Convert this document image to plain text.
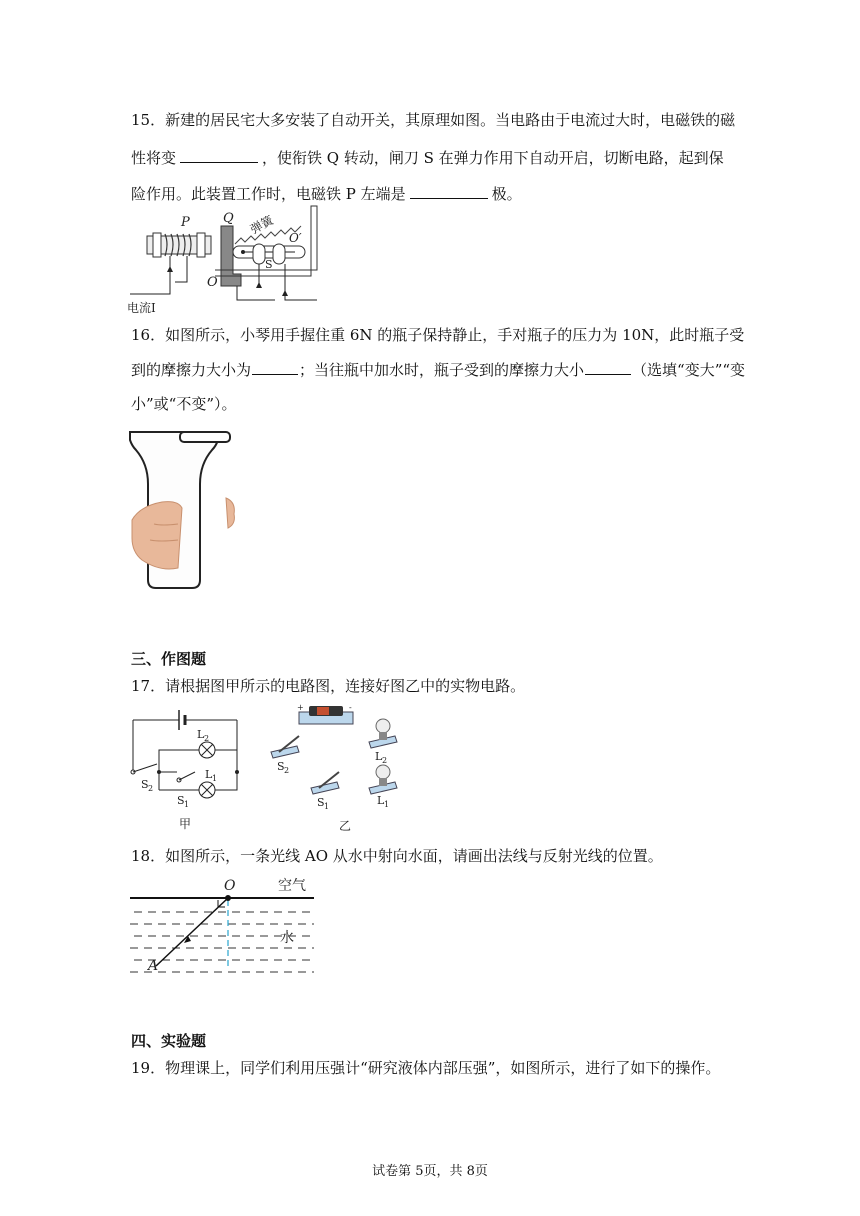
15．新建的居民宅大多安装了自动开关，其原理如图。当电路由于电流过大时，电磁铁的磁
性将变	，使衔铁 Q 转动，闸刀 S 在弹力作用下自动开启，切断电路，起到保
险作用。此装置工作时，电磁铁 P 左端是	极。
P	Q 弹簧
O′
S
O
电流I
16．如图所示，小琴用手握住重 6N 的瓶子保持静止，手对瓶子的压力为 10N，此时瓶子受
到的摩擦力大小为	；当往瓶中加水时，瓶子受到的摩擦力大小	（选填“变大”“变
小”或“不变”）。
三、作图题
17．请根据图甲所示的电路图，连接好图乙中的实物电路。
L 2
L 1
S 2
S 1
甲
+	-
S 2
S 1
L 2
L 1
乙
18．如图所示，一条光线 AO 从水中射向水面，请画出法线与反射光线的位置。
O	空气
水
A
四、实验题
19．物理课上，同学们利用压强计“研究液体内部压强”，如图所示，进行了如下的操作。
试卷第 5页，共 8页
